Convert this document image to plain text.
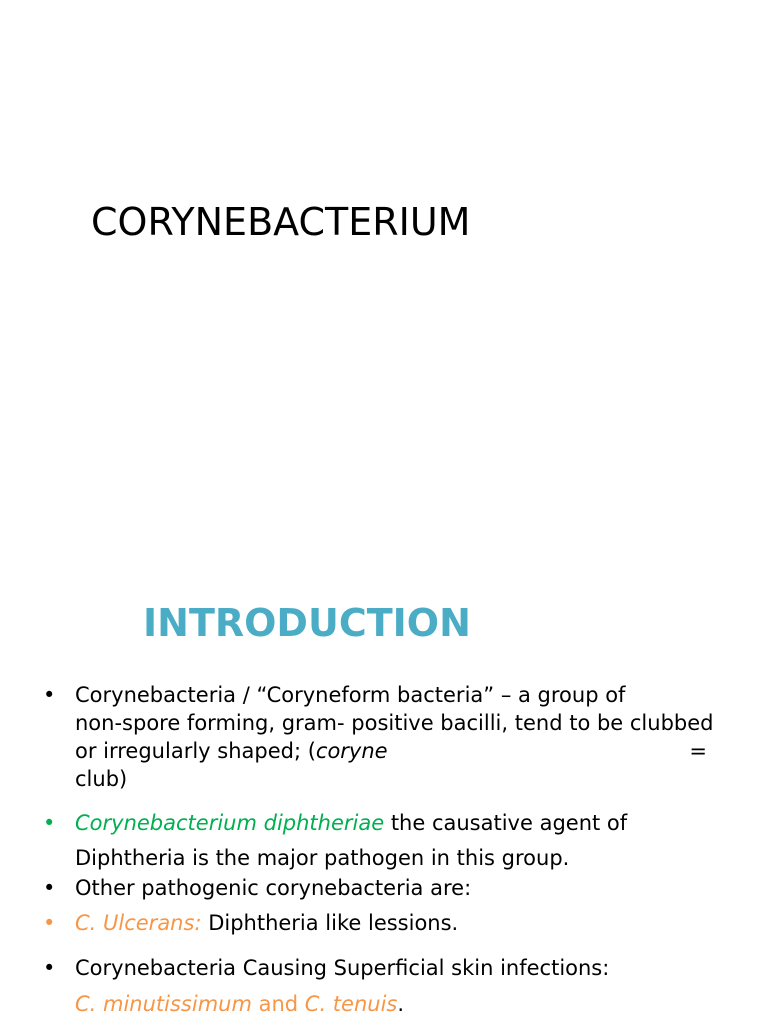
CORYNEBACTERIUM
INTRODUCTION
• Corynebacteria / “Coryneform bacteria” – a group of
non-spore forming, gram- positive bacilli, tend to be clubbed
or irregularly shaped; (coryne	=
club)
• Corynebacterium diphtheriae the causative agent of
Diphtheria is the major pathogen in this group.
• Other pathogenic corynebacteria are:
• C. Ulcerans: Diphtheria like lessions.
• Corynebacteria Causing Superficial skin infections:
C. minutissimum and C. tenuis.
